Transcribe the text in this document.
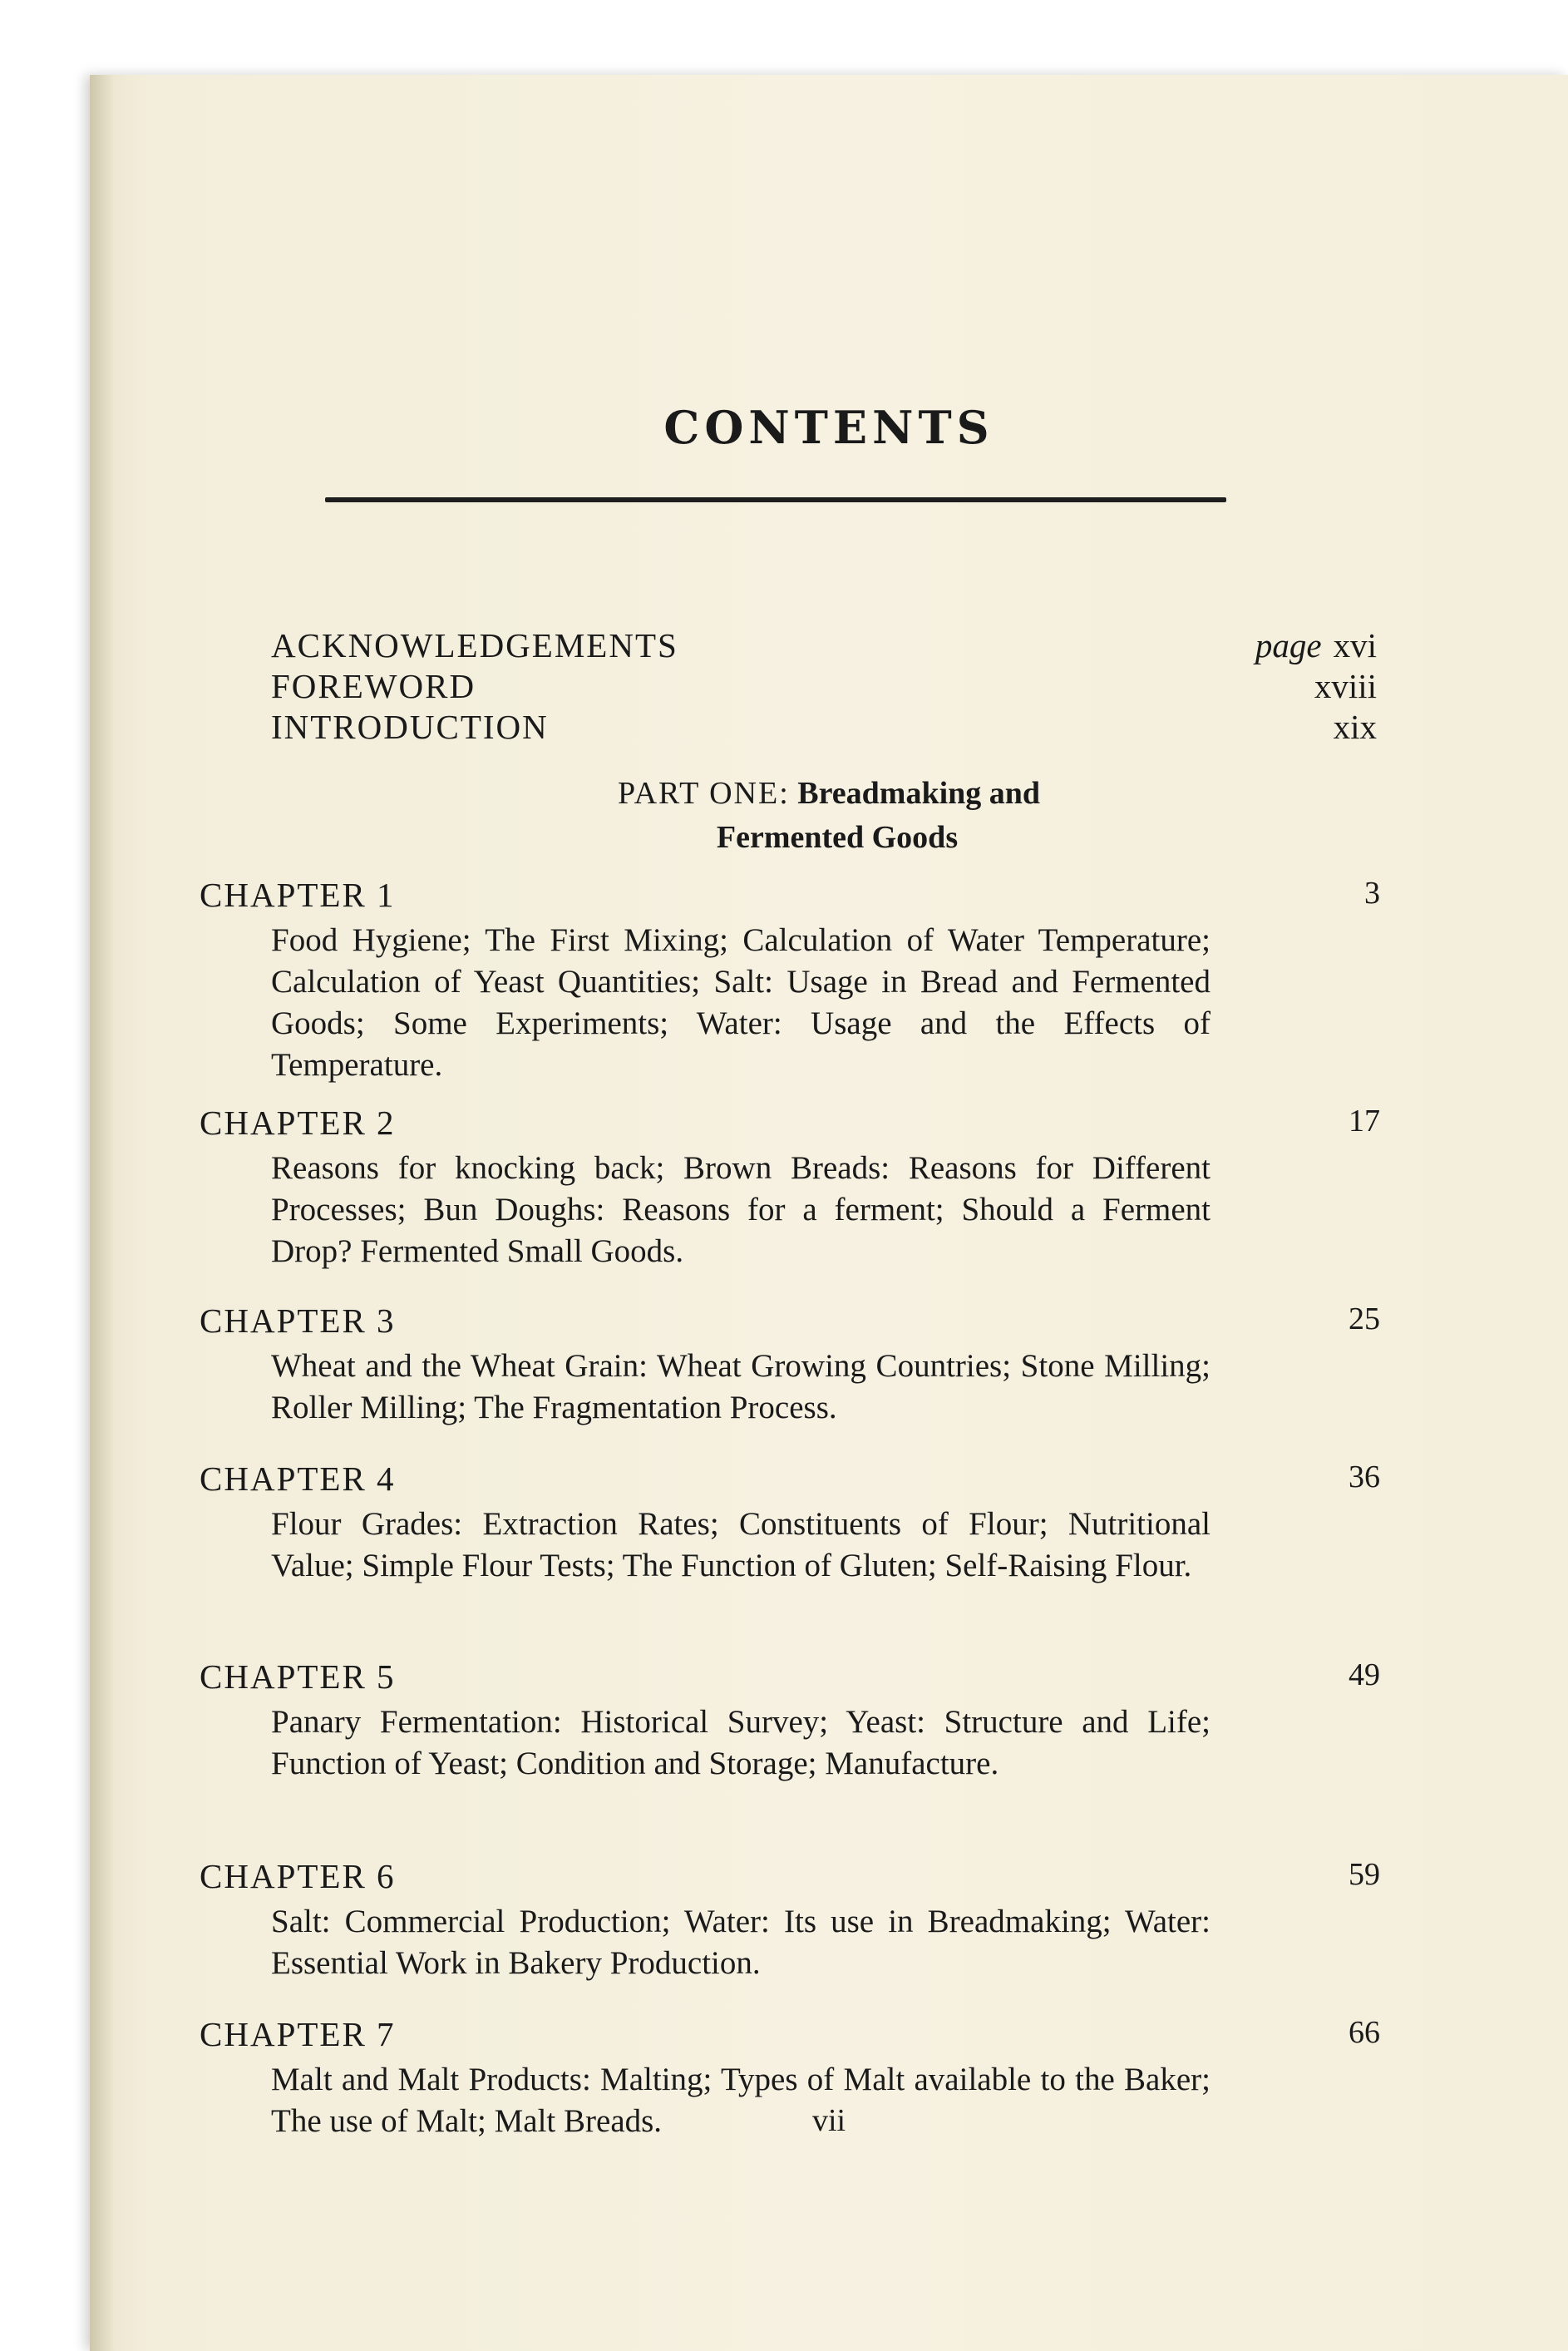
CONTENTS
ACKNOWLEDGEMENTS	page xvi
FOREWORD	xviii
INTRODUCTION	xix
PART ONE: Breadmaking and
Fermented Goods
CHAPTER 1	3
Food Hygiene; The First Mixing; Calculation of Water Temperature; Calculation of Yeast Quantities; Salt: Usage in Bread and Fermented Goods; Some Experiments; Water: Usage and the Effects of Temperature.
CHAPTER 2	17
Reasons for knocking back; Brown Breads: Reasons for Different Processes; Bun Doughs: Reasons for a ferment; Should a Ferment Drop? Fermented Small Goods.
CHAPTER 3	25
Wheat and the Wheat Grain: Wheat Growing Countries; Stone Milling; Roller Milling; The Fragmentation Process.
CHAPTER 4	36
Flour Grades: Extraction Rates; Constituents of Flour; Nutritional Value; Simple Flour Tests; The Function of Gluten; Self-Raising Flour.
CHAPTER 5	49
Panary Fermentation: Historical Survey; Yeast: Structure and Life; Function of Yeast; Condition and Storage; Manufacture.
CHAPTER 6	59
Salt: Commercial Production; Water: Its use in Breadmaking; Water: Essential Work in Bakery Production.
CHAPTER 7	66
Malt and Malt Products: Malting; Types of Malt available to the Baker; The use of Malt; Malt Breads.	vii
